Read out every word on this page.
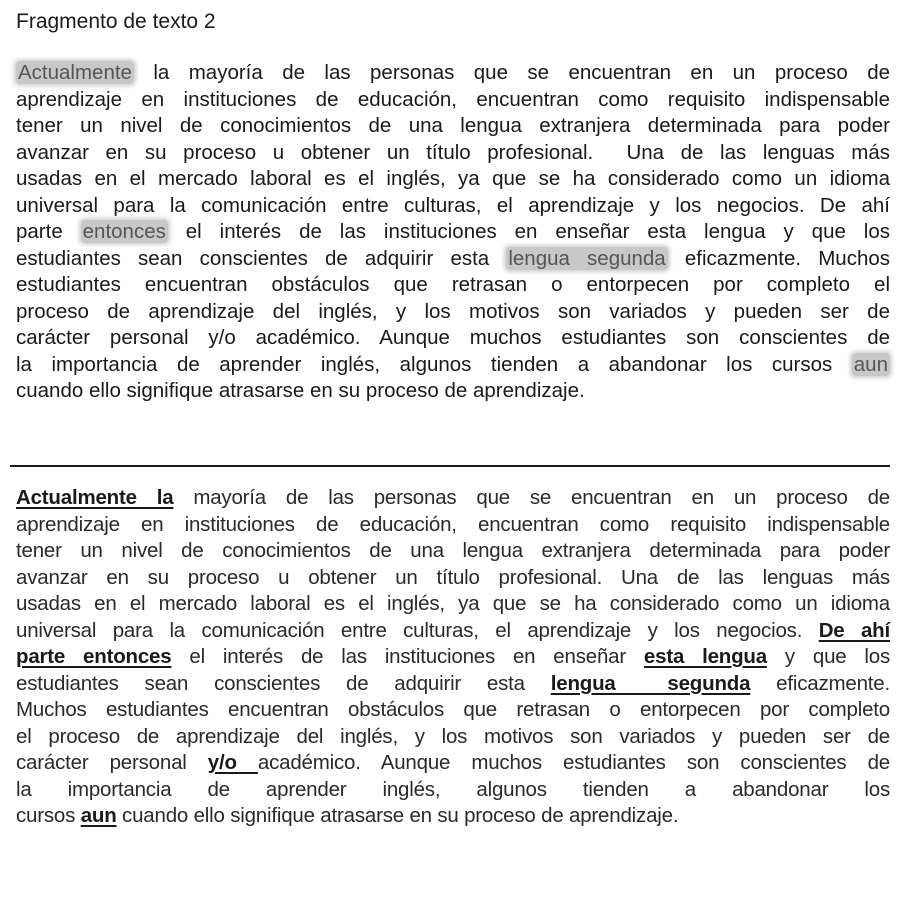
Fragmento de texto 2
Actualmente la mayoría de las personas que se encuentran en un proceso de
aprendizaje en instituciones de educación, encuentran como requisito indispensable
tener un nivel de conocimientos de una lengua extranjera determinada para poder
avanzar en su proceso u obtener un título profesional.  Una de las lenguas más
usadas en el mercado laboral es el inglés, ya que se ha considerado como un idioma
universal para la comunicación entre culturas, el aprendizaje y los negocios. De ahí
parte entonces el interés de las instituciones en enseñar esta lengua y que los
estudiantes sean conscientes de adquirir esta lengua segunda eficazmente. Muchos
estudiantes encuentran obstáculos que retrasan o entorpecen por completo el
proceso de aprendizaje del inglés, y los motivos son variados y pueden ser de
carácter personal y/o académico. Aunque muchos estudiantes son conscientes de
la importancia de aprender inglés, algunos tienden a abandonar los cursos aun
cuando ello signifique atrasarse en su proceso de aprendizaje.
Actualmente la mayoría de las personas que se encuentran en un proceso de
aprendizaje en instituciones de educación, encuentran como requisito indispensable
tener un nivel de conocimientos de una lengua extranjera determinada para poder
avanzar en su proceso u obtener un título profesional. Una de las lenguas más
usadas en el mercado laboral es el inglés, ya que se ha considerado como un idioma
universal para la comunicación entre culturas, el aprendizaje y los negocios. De ahí
parte entonces el interés de las instituciones en enseñar esta lengua y que los
estudiantes sean conscientes de adquirir esta lengua  segunda eficazmente.
Muchos estudiantes encuentran obstáculos que retrasan o entorpecen por completo
el proceso de aprendizaje del inglés, y los motivos son variados y pueden ser de
carácter personal y/o académico. Aunque muchos estudiantes son conscientes de
la importancia de aprender inglés, algunos tienden a abandonar los
cursos aun cuando ello signifique atrasarse en su proceso de aprendizaje.
